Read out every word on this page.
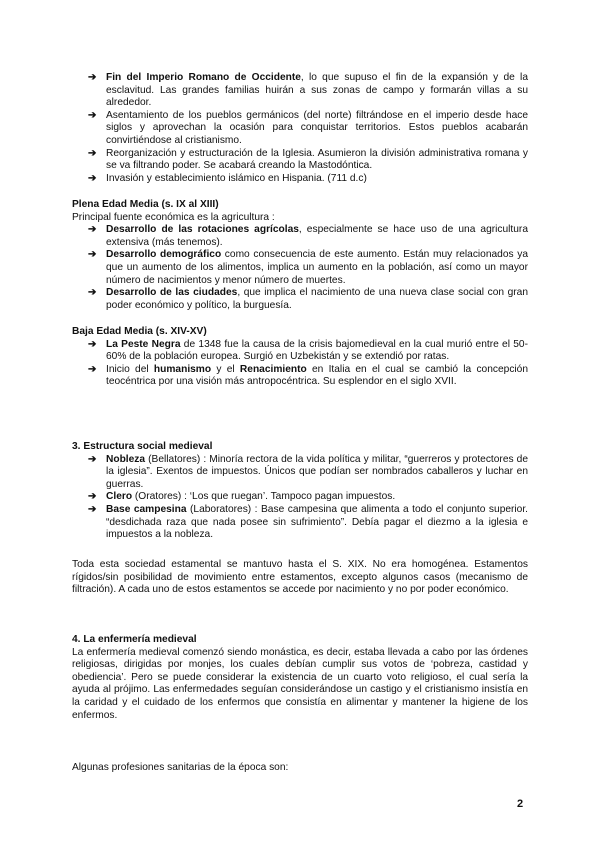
➔ Fin del Imperio Romano de Occidente, lo que supuso el fin de la expansión y de la esclavitud. Las grandes familias huirán a sus zonas de campo y formarán villas a su alrededor.
➔ Asentamiento de los pueblos germánicos (del norte) filtrándose en el imperio desde hace siglos y aprovechan la ocasión para conquistar territorios. Estos pueblos acabarán convirtiéndose al cristianismo.
➔ Reorganización y estructuración de la Iglesia. Asumieron la división administrativa romana y se va filtrando poder. Se acabará creando la Mastodóntica.
➔ Invasión y establecimiento islámico en Hispania. (711 d.c)
Plena Edad Media (s. IX al XIII)
Principal fuente económica es la agricultura :
➔ Desarrollo de las rotaciones agrícolas, especialmente se hace uso de una agricultura extensiva (más tenemos).
➔ Desarrollo demográfico como consecuencia de este aumento. Están muy relacionados ya que un aumento de los alimentos, implica un aumento en la población, así como un mayor número de nacimientos y menor número de muertes.
➔ Desarrollo de las ciudades, que implica el nacimiento de una nueva clase social con gran poder económico y político, la burguesía.
Baja Edad Media (s. XIV-XV)
➔ La Peste Negra de 1348 fue la causa de la crisis bajomedieval en la cual murió entre el 50-60% de la población europea. Surgió en Uzbekistán y se extendió por ratas.
➔ Inicio del humanismo y el Renacimiento en Italia en el cual se cambió la concepción teocéntrica por una visión más antropocéntrica. Su esplendor en el siglo XVII.
3. Estructura social medieval
➔ Nobleza (Bellatores) : Minoría rectora de la vida política y militar, “guerreros y protectores de la iglesia”. Exentos de impuestos. Únicos que podían ser nombrados caballeros y luchar en guerras.
➔ Clero (Oratores) : ‘Los que ruegan’. Tampoco pagan impuestos.
➔ Base campesina (Laboratores) : Base campesina que alimenta a todo el conjunto superior. “desdichada raza que nada posee sin sufrimiento”. Debía pagar el diezmo a la iglesia e impuestos a la nobleza.

Toda esta sociedad estamental se mantuvo hasta el S. XIX. No era homogénea. Estamentos rígidos/sin posibilidad de movimiento entre estamentos, excepto algunos casos (mecanismo de filtración). A cada uno de estos estamentos se accede por nacimiento y no por poder económico.

4. La enfermería medieval

La enfermería medieval comenzó siendo monástica, es decir, estaba llevada a cabo por las órdenes religiosas, dirigidas por monjes, los cuales debían cumplir sus votos de ‘pobreza, castidad y obediencia’. Pero se puede considerar la existencia de un cuarto voto religioso, el cual sería la ayuda al prójimo. Las enfermedades seguían considerándose un castigo y el cristianismo insistía en la caridad y el cuidado de los enfermos que consistía en alimentar y mantener la higiene de los enfermos.

Algunas profesiones sanitarias de la época son:

2
